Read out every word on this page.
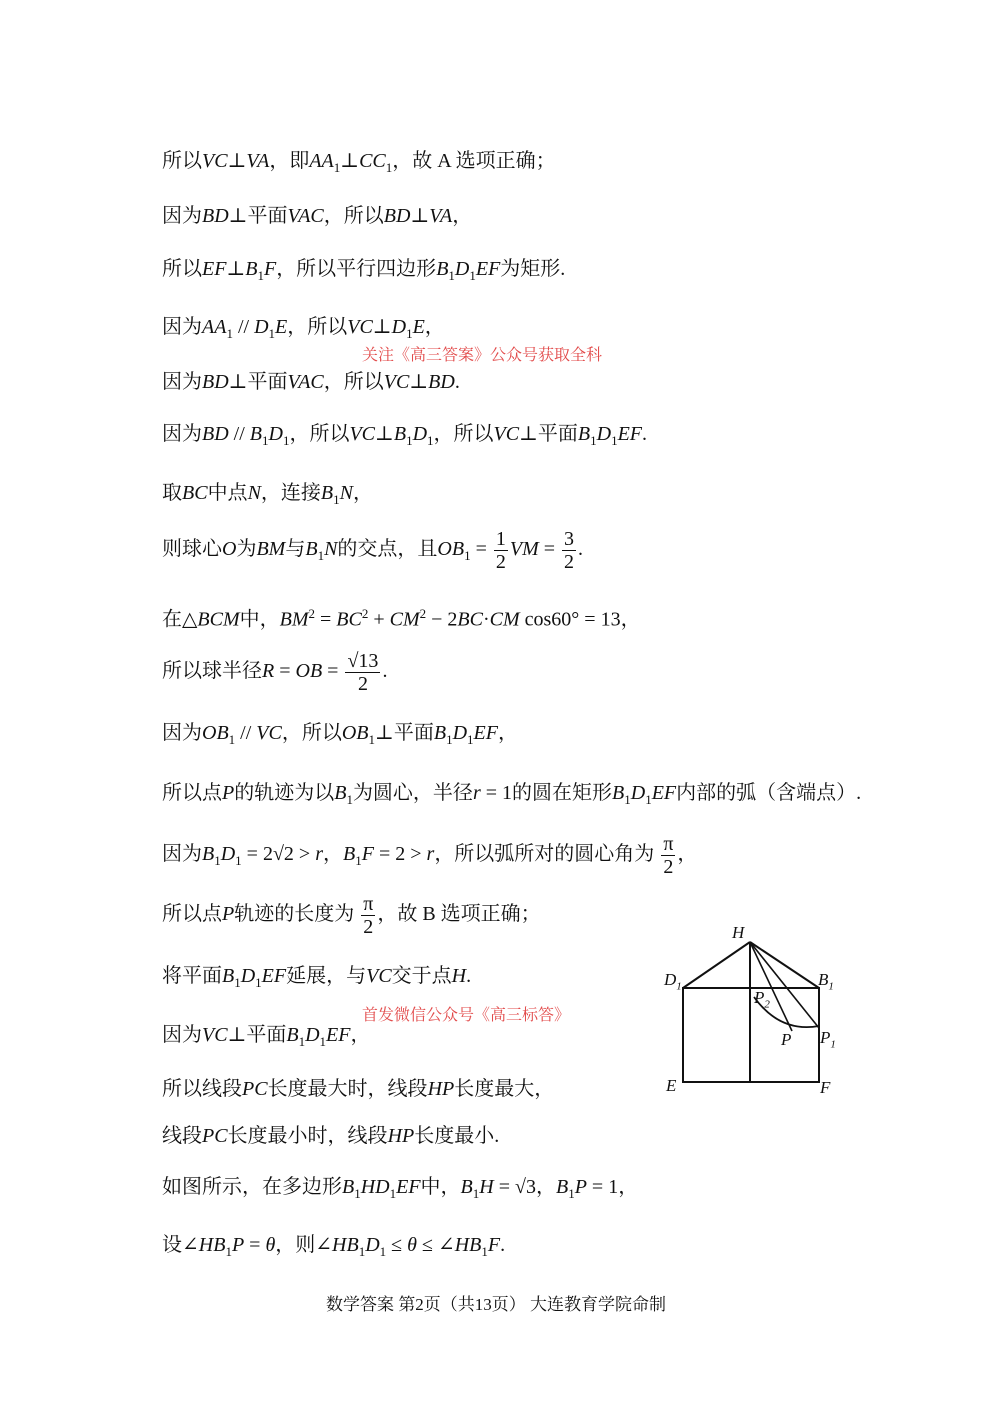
所以VC⊥VA，即$AA_1\perp CC_1$，故 A 选项正确；
因为BD⊥平面VAC，所以BD⊥VA，
所以$EF\perp B_1F$，所以平行四边形$B_1D_1EF$为矩形.
因为$AA_1 // D_1E$，所以$VC\perp D_1E$，
关注《高三答案》公众号获取全科
因为BD⊥平面VAC，所以VC⊥BD.
因为BD // $B_1D_1$，所以$VC\perp B_1D_1$，所以VC⊥平面$B_1D_1EF$.
取BC中点N，连接$B_1N$，
则球心O为BM与$B_1N$的交点，且$OB_1 = \frac{1}{2}$ VM = $\frac{3}{2}$ .
在△BCM中，$BM^2 = BC^2 + CM^2 - 2BC\cdot CM$ cos60° = 13，
所以球半径R = OB = $\frac{√13}{2}$ .
因为$OB_1$ // VC，所以$OB_1\perp$平面$B_1D_1EF$，
所以点P的轨迹为以$B_1$为圆心，半径r = 1的圆在矩形$B_1D_1EF$内部的弧（含端点）.
因为$B_1D_1 = 2√2 > r$，$B_1F = 2 > r$，所以弧所对的圆心角为 $\frac{\pi}{2}$ ，
所以点P轨迹的长度为 $\frac{\pi}{2}$ ，故 B 选项正确；
将平面$B_1D_1EF$延展，与VC交于点H.
首发微信公众号《高三标答》
因为VC⊥平面$B_1D_1EF$，
所以线段PC长度最大时，线段HP长度最大，
线段PC长度最小时，线段HP长度最小.
如图所示，在多边形$B_1HD_1EF$中，$B_1H = √3$，$B_1P = 1$，
设$\angle HB_1P = \theta$，则$\angle HB_1D_1 \le \theta$ ≤ $\angle HB_1F$.
H
$D_1$	$B_1$
$P_2$
P $P_1$
E	F
数学答案 第2页（共13页） 大连教育学院命制
